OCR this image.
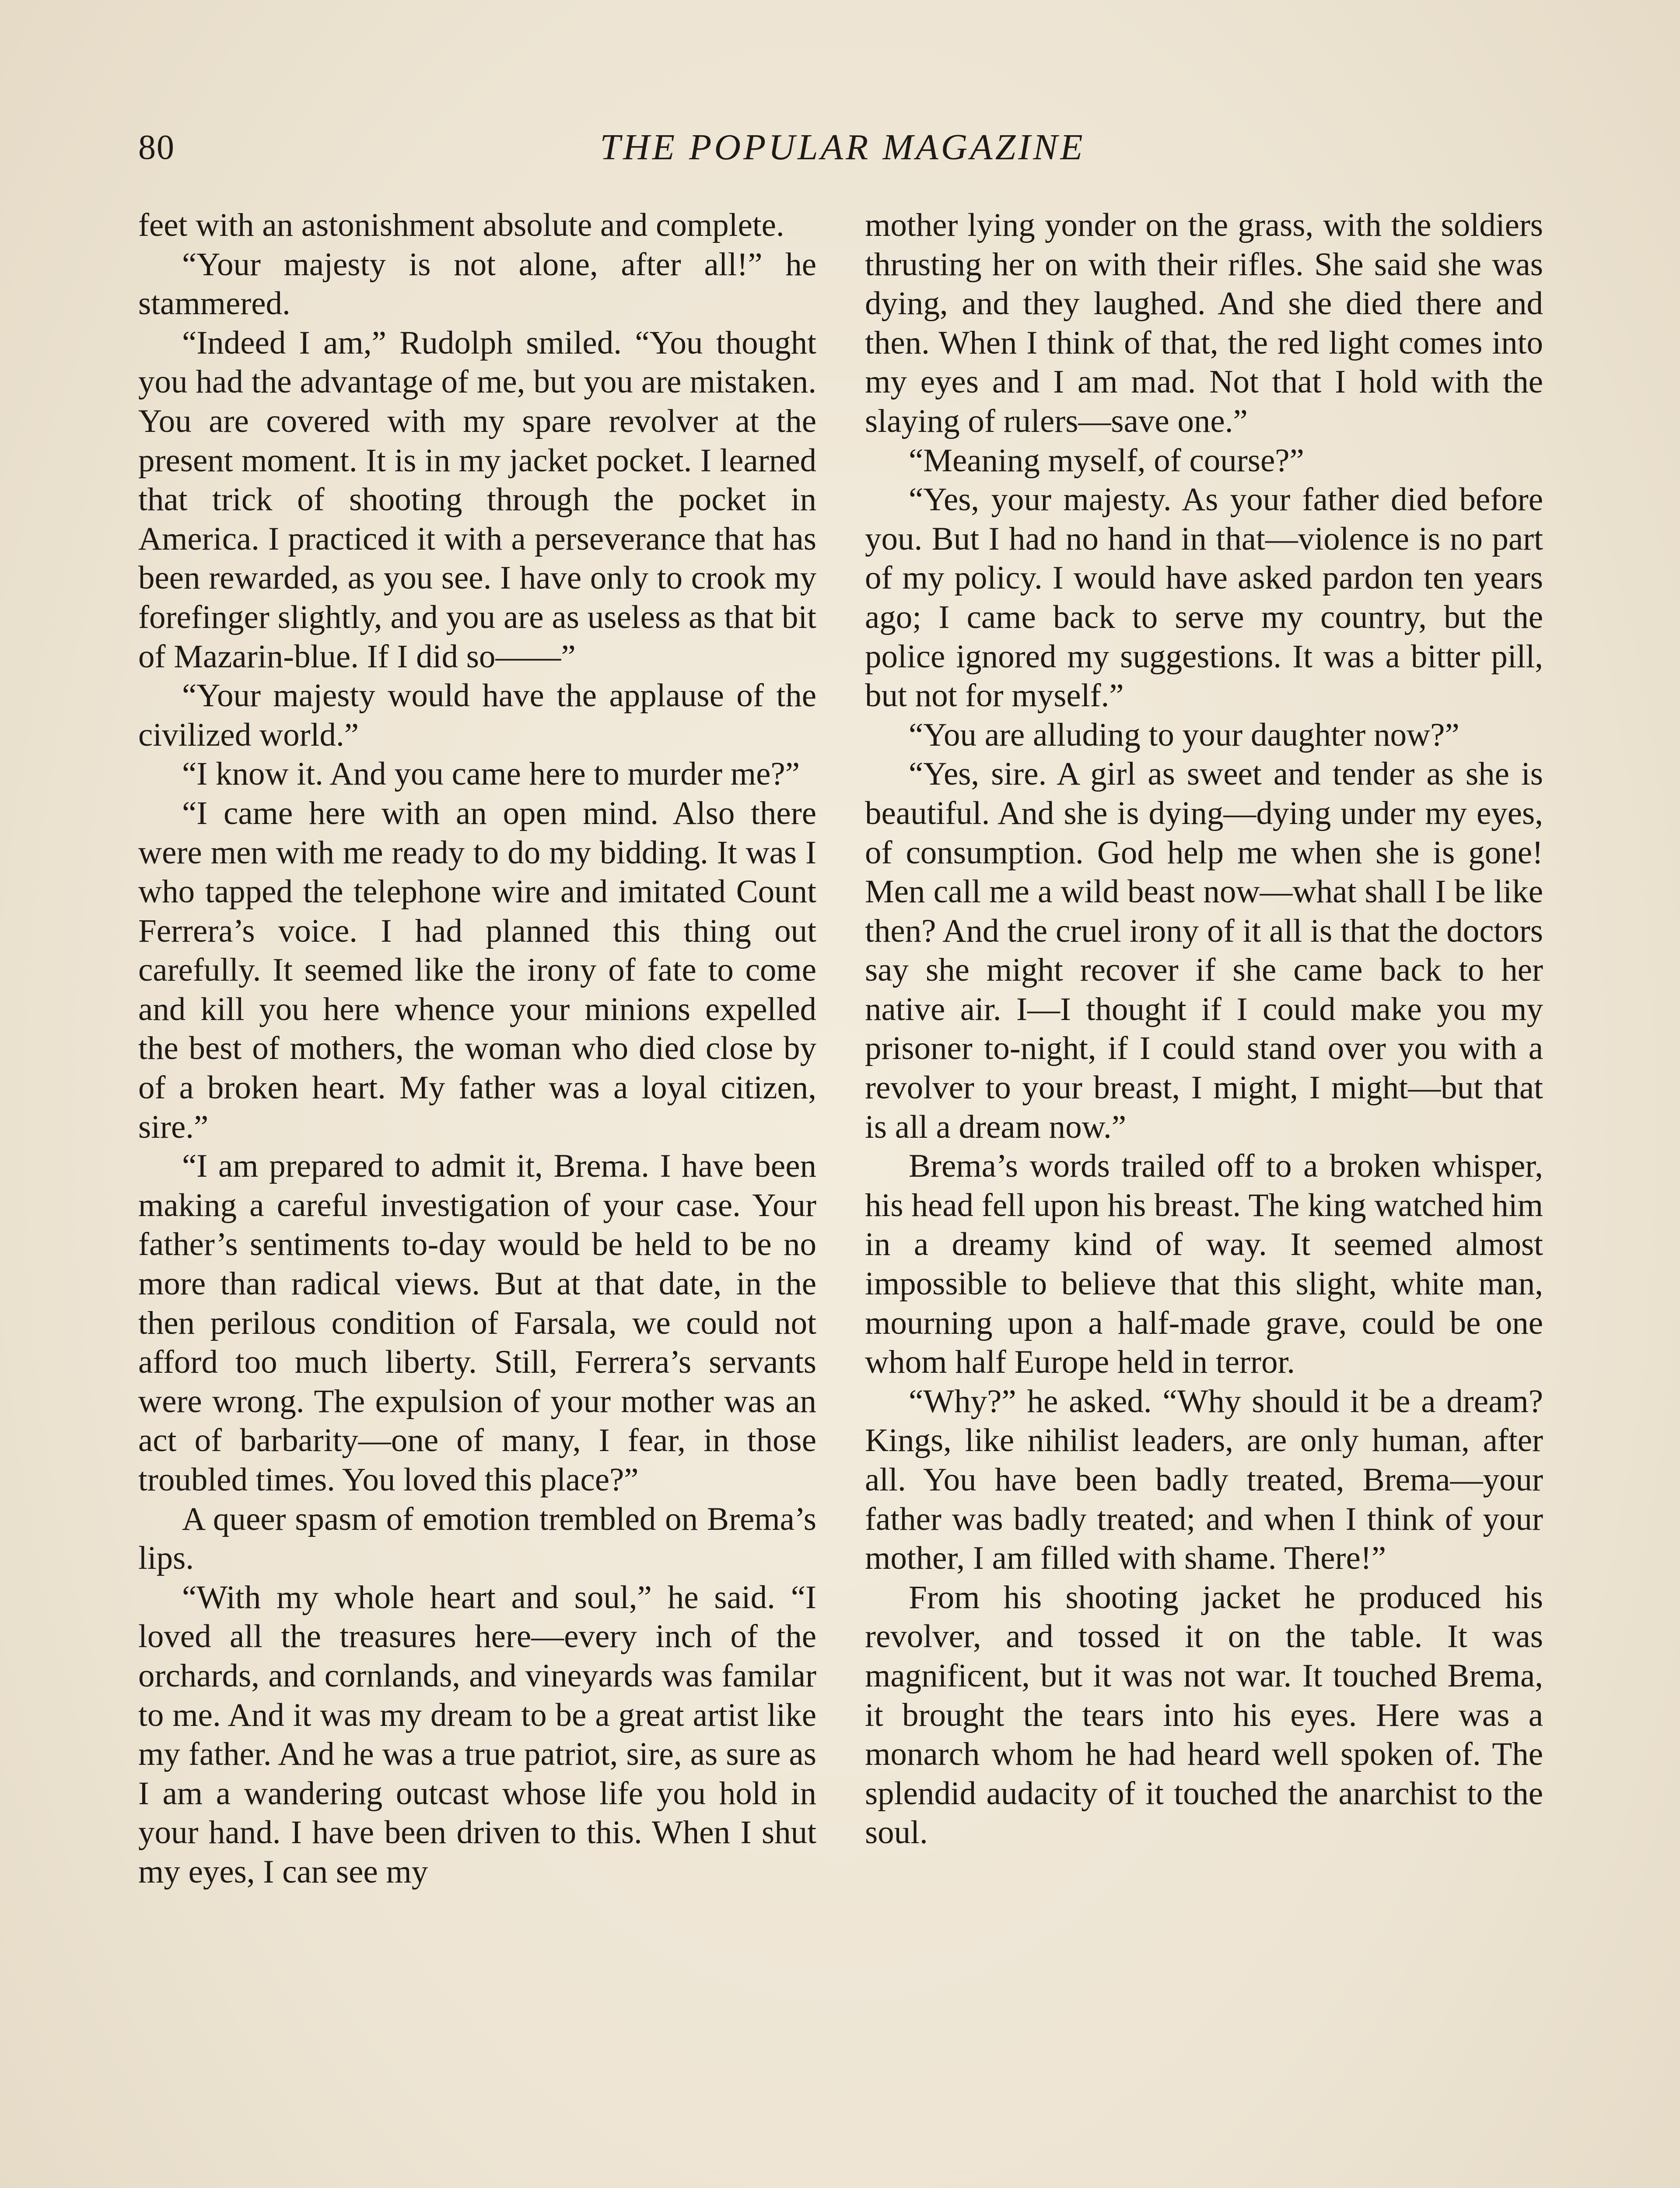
80	THE POPULAR MAGAZINE

feet with an astonishment absolute and complete.

“Your majesty is not alone, after all!” he stammered.

“Indeed I am,” Rudolph smiled. “You thought you had the advantage of me, but you are mistaken. You are covered with my spare revolver at the present moment. It is in my jacket pocket. I learned that trick of shooting through the pocket in America. I practiced it with a perseverance that has been rewarded, as you see. I have only to crook my forefinger slightly, and you are as useless as that bit of Mazarin-blue. If I did so——”

“Your majesty would have the applause of the civilized world.”

“I know it. And you came here to murder me?”

“I came here with an open mind. Also there were men with me ready to do my bidding. It was I who tapped the telephone wire and imitated Count Ferrera’s voice. I had planned this thing out carefully. It seemed like the irony of fate to come and kill you here whence your minions expelled the best of mothers, the woman who died close by of a broken heart. My father was a loyal citizen, sire.”

“I am prepared to admit it, Brema. I have been making a careful investigation of your case. Your father’s sentiments to-day would be held to be no more than radical views. But at that date, in the then perilous condition of Farsala, we could not afford too much liberty. Still, Ferrera’s servants were wrong. The expulsion of your mother was an act of barbarity—one of many, I fear, in those troubled times. You loved this place?”

A queer spasm of emotion trembled on Brema’s lips.

“With my whole heart and soul,” he said. “I loved all the treasures here—every inch of the orchards, and cornlands, and vineyards was familar to me. And it was my dream to be a great artist like my father. And he was a true patriot, sire, as sure as I am a wandering outcast whose life you hold in your hand. I have been driven to this. When I shut my eyes, I can see my

mother lying yonder on the grass, with the soldiers thrusting her on with their rifles. She said she was dying, and they laughed. And she died there and then. When I think of that, the red light comes into my eyes and I am mad. Not that I hold with the slaying of rulers—save one.”

“Meaning myself, of course?”

“Yes, your majesty. As your father died before you. But I had no hand in that—violence is no part of my policy. I would have asked pardon ten years ago; I came back to serve my country, but the police ignored my suggestions. It was a bitter pill, but not for myself.”

“You are alluding to your daughter now?”

“Yes, sire. A girl as sweet and tender as she is beautiful. And she is dying—dying under my eyes, of consumption. God help me when she is gone! Men call me a wild beast now—what shall I be like then? And the cruel irony of it all is that the doctors say she might recover if she came back to her native air. I—I thought if I could make you my prisoner to-night, if I could stand over you with a revolver to your breast, I might, I might—but that is all a dream now.”

Brema’s words trailed off to a broken whisper, his head fell upon his breast. The king watched him in a dreamy kind of way. It seemed almost impossible to believe that this slight, white man, mourning upon a half-made grave, could be one whom half Europe held in terror.

“Why?” he asked. “Why should it be a dream? Kings, like nihilist leaders, are only human, after all. You have been badly treated, Brema—your father was badly treated; and when I think of your mother, I am filled with shame. There!”

From his shooting jacket he produced his revolver, and tossed it on the table. It was magnificent, but it was not war. It touched Brema, it brought the tears into his eyes. Here was a monarch whom he had heard well spoken of. The splendid audacity of it touched the anarchist to the soul.
